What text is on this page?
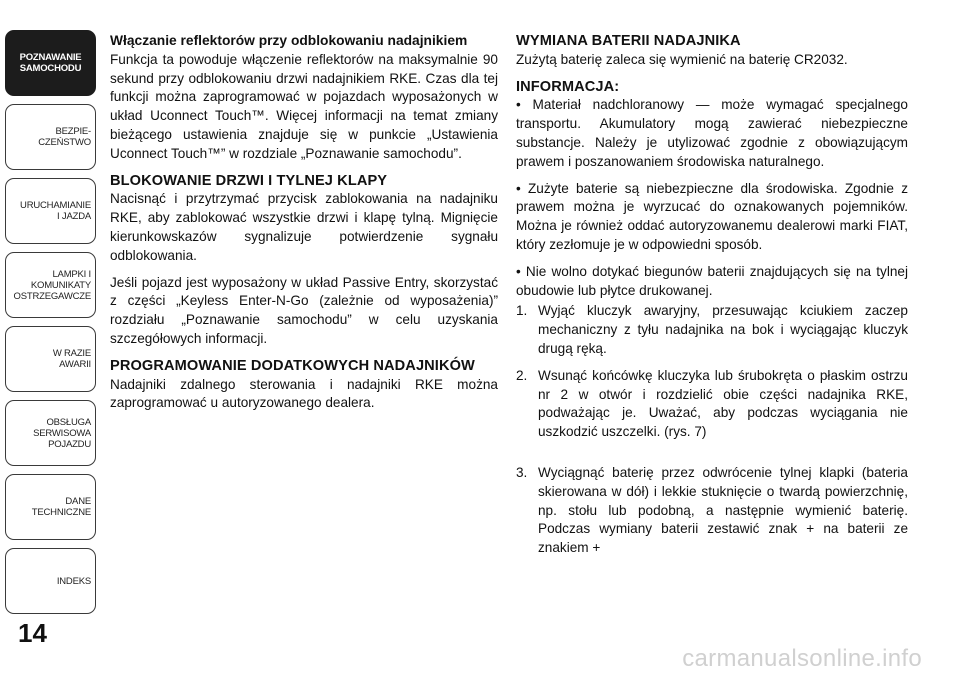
POZNAWANIE
SAMOCHODU
BEZPIE-
CZEŃSTWO
URUCHAMIANIE
I JAZDA
LAMPKI I
KOMUNIKATY
OSTRZEGAWCZE
W RAZIE
AWARII
OBSŁUGA
SERWISOWA
POJAZDU
DANE
TECHNICZNE
INDEKS
14
Włączanie reflektorów przy odblokowaniu nadajnikiem

Funkcja ta powoduje włączenie reflektorów na maksymalnie 90 sekund przy odblokowaniu drzwi nadajnikiem RKE. Czas dla tej funkcji można zaprogramować w pojazdach wyposażonych w układ Uconnect Touch™. Więcej informacji na temat zmiany bieżącego ustawienia znajduje się w punkcie „Ustawienia Uconnect Touch™” w rozdziale „Poznawanie samochodu”.

BLOKOWANIE DRZWI I TYLNEJ KLAPY

Nacisnąć i przytrzymać przycisk zablokowania na nadajniku RKE, aby zablokować wszystkie drzwi i klapę tylną. Mignięcie kierunkowskazów sygnalizuje potwierdzenie sygnału odblokowania.

Jeśli pojazd jest wyposażony w układ Passive Entry, skorzystać z części „Keyless Enter-N-Go (zależnie od wyposażenia)” rozdziału „Poznawanie samochodu” w celu uzyskania szczegółowych informacji.

PROGRAMOWANIE DODATKOWYCH NADAJNIKÓW

Nadajniki zdalnego sterowania i nadajniki RKE można zaprogramować u autoryzowanego dealera.

WYMIANA BATERII NADAJNIKA

Zużytą baterię zaleca się wymienić na baterię CR2032.

INFORMACJA:
• Materiał nadchloranowy — może wymagać specjalnego transportu. Akumulatory mogą zawierać niebezpieczne substancje. Należy je utylizować zgodnie z obowiązującym prawem i poszanowaniem środowiska naturalnego.
• Zużyte baterie są niebezpieczne dla środowiska. Zgodnie z prawem można je wyrzucać do oznakowanych pojemników. Można je również oddać autoryzowanemu dealerowi marki FIAT, który zezłomuje je w odpowiedni sposób.
• Nie wolno dotykać biegunów baterii znajdujących się na tylnej obudowie lub płytce drukowanej.
1. Wyjąć kluczyk awaryjny, przesuwając kciukiem zaczep mechaniczny z tyłu nadajnika na bok i wyciągając kluczyk drugą ręką.
2. Wsunąć końcówkę kluczyka lub śrubokręta o płaskim ostrzu nr 2 w otwór i rozdzielić obie części nadajnika RKE, podważając je. Uważać, aby podczas wyciągania nie uszkodzić uszczelki. (rys. 7)
3. Wyciągnąć baterię przez odwrócenie tylnej klapki (bateria skierowana w dół) i lekkie stuknięcie o twardą powierzchnię, np. stołu lub podobną, a następnie wymienić baterię. Podczas wymiany baterii zestawić znak + na baterii ze znakiem +
carmanualsonline.info
